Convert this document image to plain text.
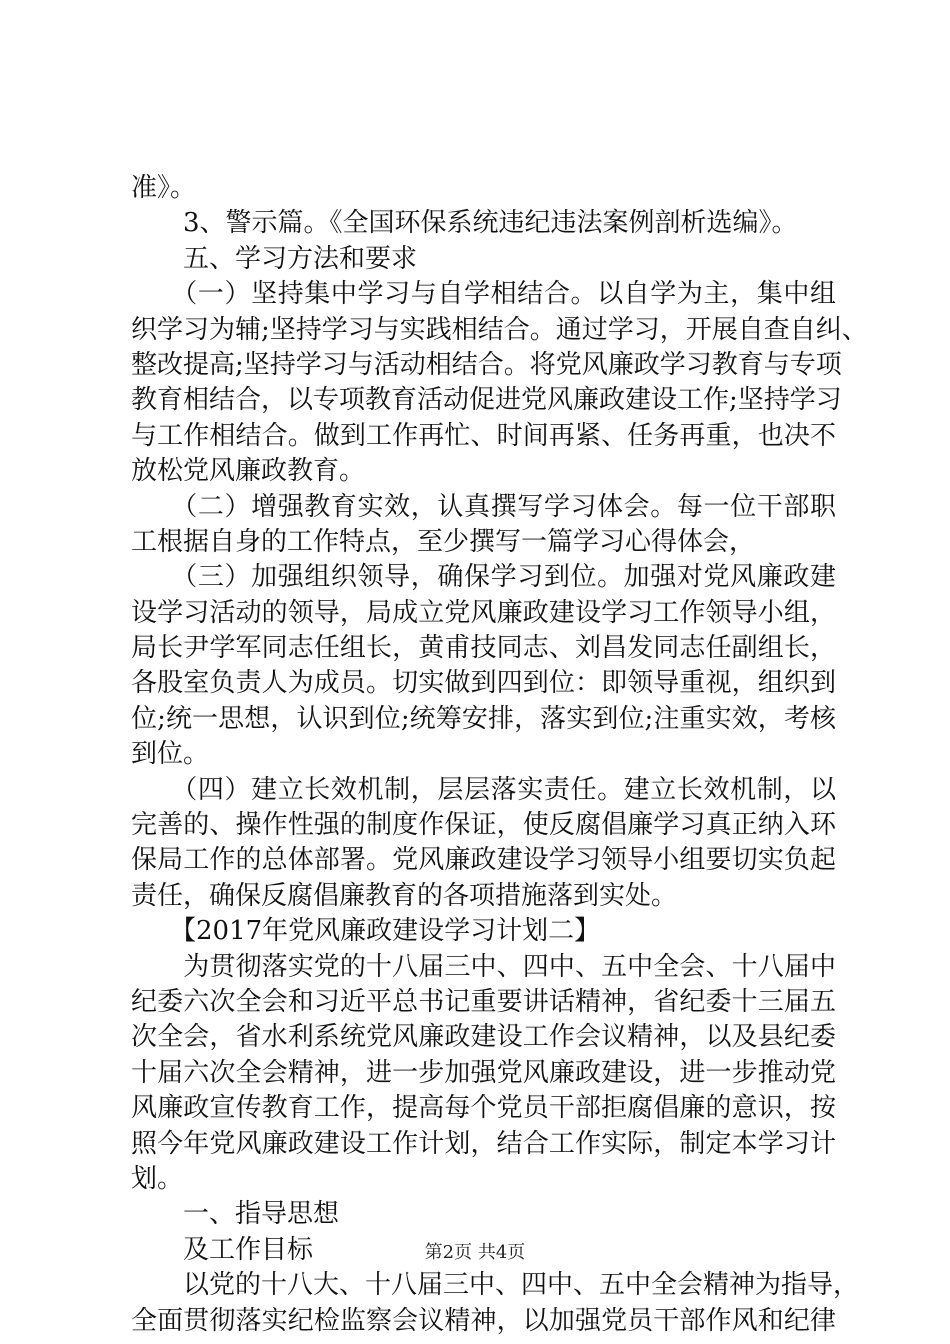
准》。
　　3、警示篇。《全国环保系统违纪违法案例剖析选编》。
　　五、学习方法和要求
　　（一）坚持集中学习与自学相结合。以自学为主，集中组
织学习为辅;坚持学习与实践相结合。通过学习，开展自查自纠、
整改提高;坚持学习与活动相结合。将党风廉政学习教育与专项
教育相结合，以专项教育活动促进党风廉政建设工作;坚持学习
与工作相结合。做到工作再忙、时间再紧、任务再重，也决不
放松党风廉政教育。
　　（二）增强教育实效，认真撰写学习体会。每一位干部职
工根据自身的工作特点，至少撰写一篇学习心得体会，
　　（三）加强组织领导，确保学习到位。加强对党风廉政建
设学习活动的领导，局成立党风廉政建设学习工作领导小组，
局长尹学军同志任组长，黄甫技同志、刘昌发同志任副组长，
各股室负责人为成员。切实做到四到位：即领导重视，组织到
位;统一思想，认识到位;统筹安排，落实到位;注重实效，考核
到位。
　　（四）建立长效机制，层层落实责任。建立长效机制，以
完善的、操作性强的制度作保证，使反腐倡廉学习真正纳入环
保局工作的总体部署。党风廉政建设学习领导小组要切实负起
责任，确保反腐倡廉教育的各项措施落到实处。
　　【2017年党风廉政建设学习计划二】
　　为贯彻落实党的十八届三中、四中、五中全会、十八届中
纪委六次全会和习近平总书记重要讲话精神，省纪委十三届五
次全会，省水利系统党风廉政建设工作会议精神，以及县纪委
十届六次全会精神，进一步加强党风廉政建设，进一步推动党
风廉政宣传教育工作，提高每个党员干部拒腐倡廉的意识，按
照今年党风廉政建设工作计划，结合工作实际，制定本学习计
划。
　　一、指导思想
　　及工作目标
　　以党的十八大、十八届三中、四中、五中全会精神为指导，
全面贯彻落实纪检监察会议精神，以加强党员干部作风和纪律
第2页 共4页
